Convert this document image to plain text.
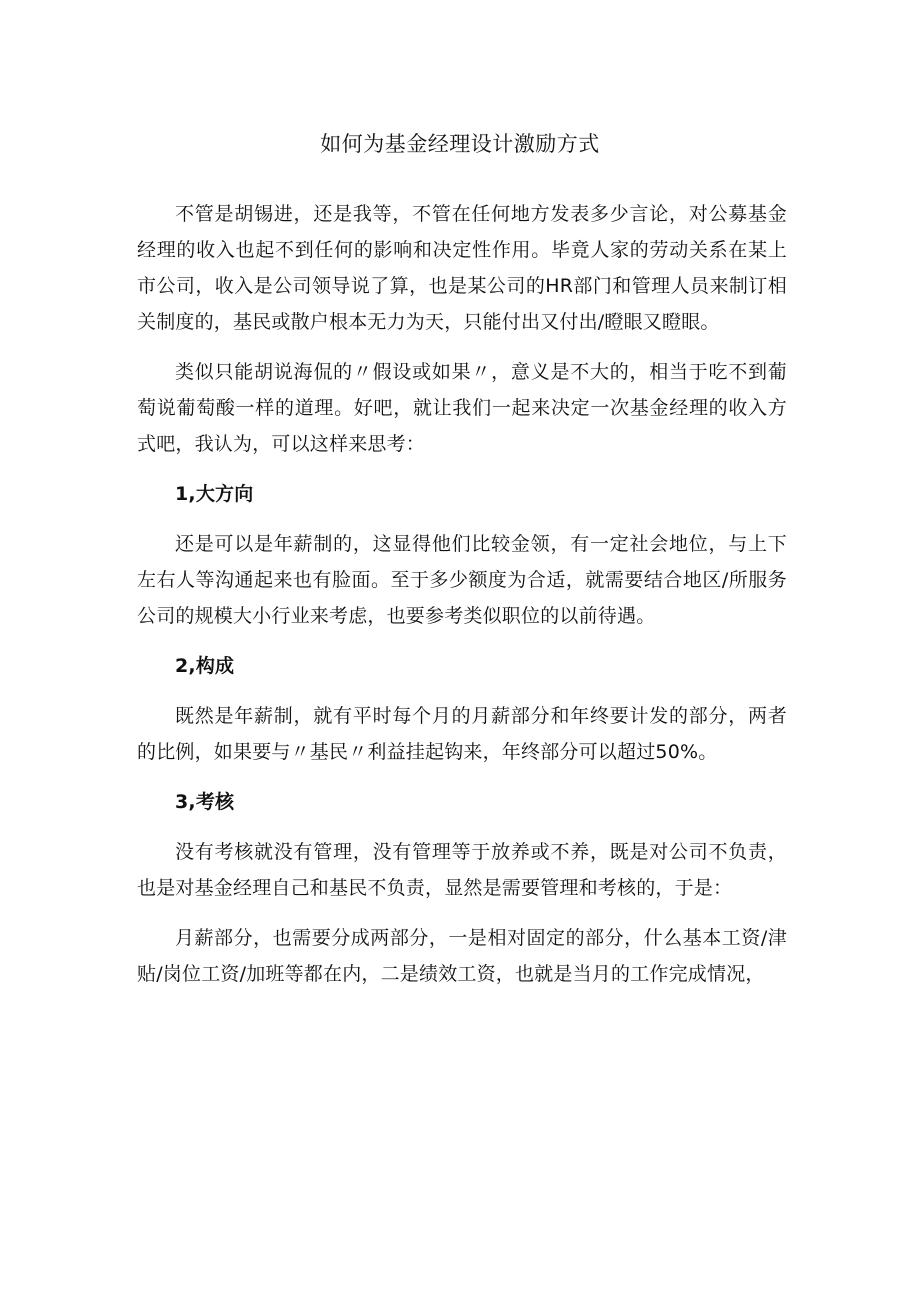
如何为基金经理设计激励方式

不管是胡锡进，还是我等，不管在任何地方发表多少言论，对公募基金经理的收入也起不到任何的影响和决定性作用。毕竟人家的劳动关系在某上市公司，收入是公司领导说了算，也是某公司的HR部门和管理人员来制订相关制度的，基民或散户根本无力为天，只能付出又付出/瞪眼又瞪眼。

类似只能胡说海侃的〃假设或如果〃，意义是不大的，相当于吃不到葡萄说葡萄酸一样的道理。好吧，就让我们一起来决定一次基金经理的收入方式吧，我认为，可以这样来思考：

1,大方向

还是可以是年薪制的，这显得他们比较金领，有一定社会地位，与上下左右人等沟通起来也有脸面。至于多少额度为合适，就需要结合地区/所服务公司的规模大小行业来考虑，也要参考类似职位的以前待遇。

2,构成

既然是年薪制，就有平时每个月的月薪部分和年终要计发的部分，两者的比例，如果要与〃基民〃利益挂起钩来，年终部分可以超过50%。

3,考核

没有考核就没有管理，没有管理等于放养或不养，既是对公司不负责，也是对基金经理自己和基民不负责，显然是需要管理和考核的，于是：

月薪部分，也需要分成两部分，一是相对固定的部分，什么基本工资/津贴/岗位工资/加班等都在内，二是绩效工资，也就是当月的工作完成情况，
